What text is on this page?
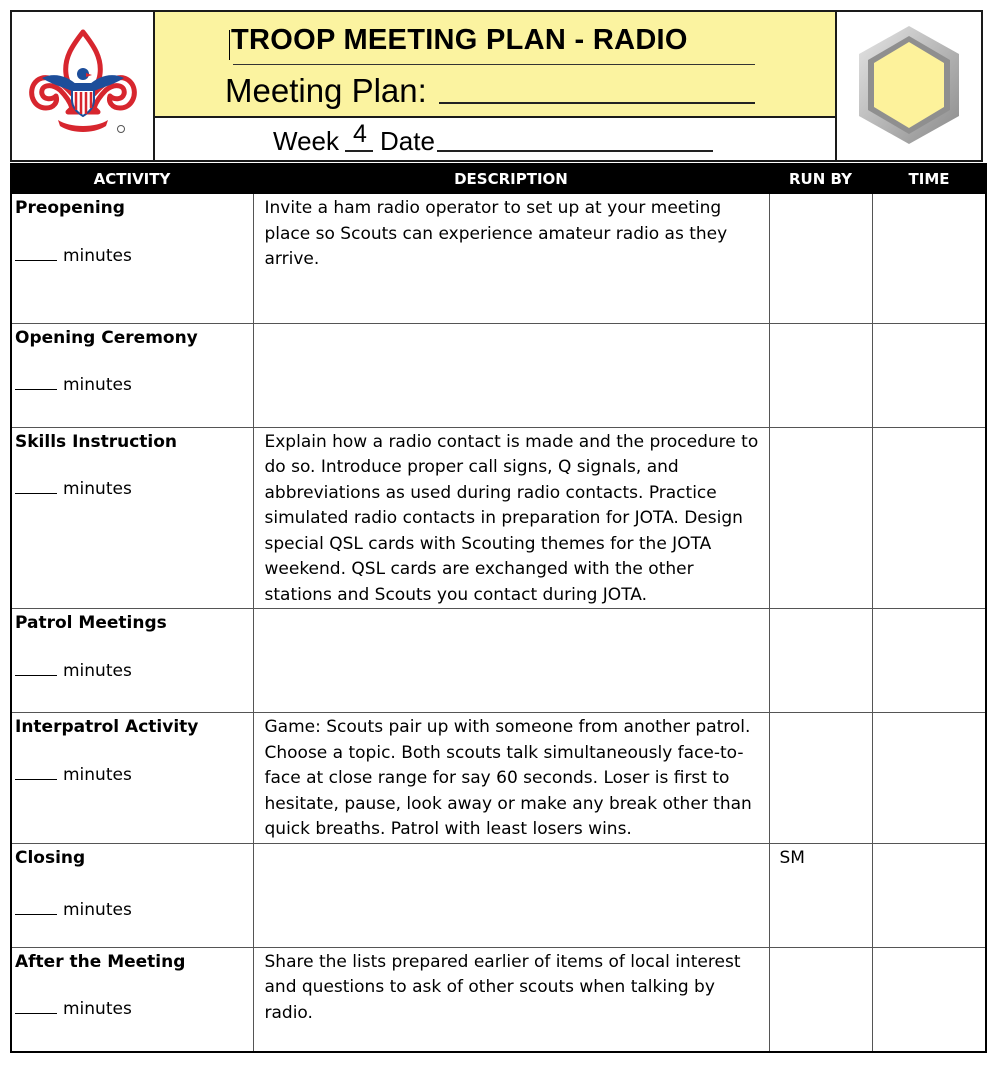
TROOP MEETING PLAN - RADIO
Meeting Plan:
Week 4 Date
ACTIVITY	DESCRIPTION	RUN BY	TIME

Preopening
minutes	Invite a ham radio operator to set up at your meeting place so Scouts can experience amateur radio as they arrive.		

Opening Ceremony
minutes			

Skills Instruction
minutes	Explain how a radio contact is made and the procedure to do so. Introduce proper call signs, Q signals, and abbreviations as used during radio contacts. Practice simulated radio contacts in preparation for JOTA. Design special QSL cards with Scouting themes for the JOTA weekend. QSL cards are exchanged with the other stations and Scouts you contact during JOTA.		

Patrol Meetings
minutes			

Interpatrol Activity
minutes	Game: Scouts pair up with someone from another patrol. Choose a topic. Both scouts talk simultaneously face-to-face at close range for say 60 seconds. Loser is first to hesitate, pause, look away or make any break other than quick breaths. Patrol with least losers wins.		

Closing
minutes		SM	

After the Meeting
minutes	Share the lists prepared earlier of items of local interest and questions to ask of other scouts when talking by radio.		
